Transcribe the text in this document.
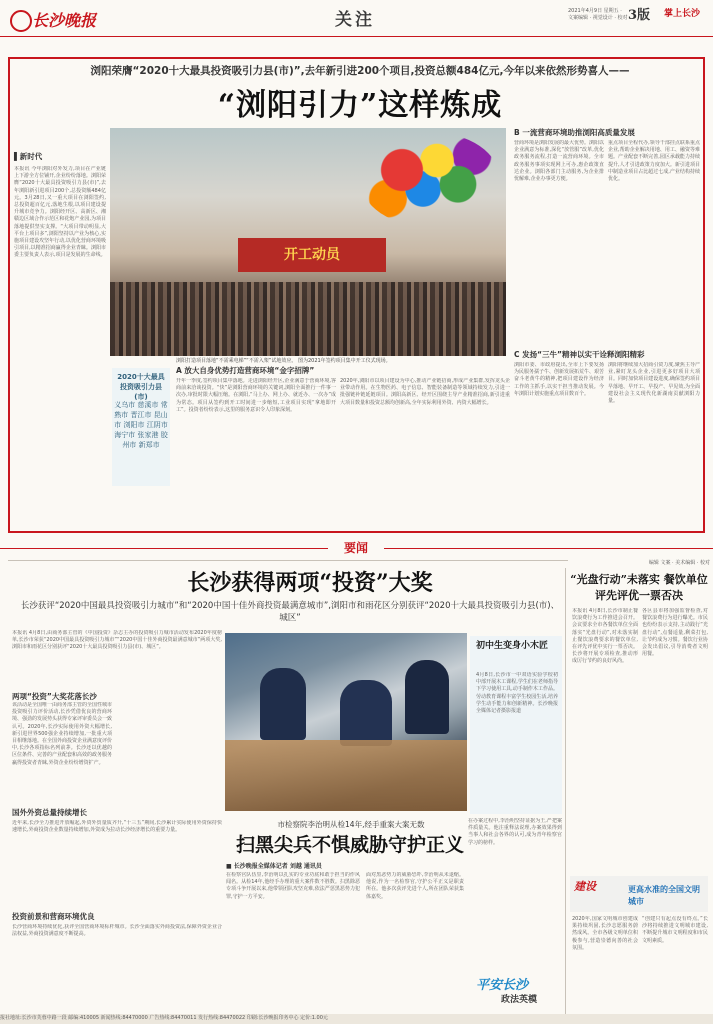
长沙晚报	关注	2021年4月9日 星期五 · 文案编辑 · 视觉设计 · 校对 3版	掌上长沙
浏阳荣膺“2020十大最具投资吸引力县(市)”,去年新引进200个项目,投资总额484亿元,今年以来依然形势喜人——
“浏阳引力”这样炼成
开工动员
浏阳打造项目落地“不需乘电梯”“不需入架”试地效应。 图为2021年签约项目集中开工仪式现场。
2020十大最具投资吸引力县(市)
义乌市 慈溪市 常熟市 晋江市 昆山市 浏阳市 江阴市 海宁市 张家港 胶州市 新郑市
▌新时代
本报讯 今年浏阳对外发力,项目在产业链上下游全方位铺开,企业纷纷落地。浏阳荣膺“2020十大最具投资吸引力县(市)”,去年浏阳新引进项目200个,总投资额484亿元。3月28日,又一重大项目在浏阳签约,总投资超百亿元,落地生根,以项目建设提升城市竞争力。浏阳经开区、高新区、湘赣边区域合作示范区和花炮产业园,为项目落地提供坚实支撑。“大项目带动明显,大平台上项目多”,浏阳坚持以产业为核心,实施项目建设攻坚年行动,以优化营商环境吸引项目,以精准招商赢得企业青睐。浏阳市委主要负责人表示,项目是发展的生命线。
A 放大自身优势打造营商环境“金字招牌”
开年一季度,签约项目集中落地。走进浏阳经开区,企业满意于营商环境,客商前来洽谈投资。“快”是浏阳营商环境的关键词,浏阳全面推行一件事一次办,审批时限大幅压缩。在浏阳,“马上办、网上办、就近办、一次办”成为常态。项目从签约到开工时间进一步缩短,工业项目实现“拿地即开工”。投资者纷纷表示,这里的服务意识令人印象深刻。
2020年,浏阳市以项目建设为中心,推动产业链招商,形成产业集群,发挥龙头企业带动作用。在生物医药、电子信息、智能装备制造等领域持续发力,引进一批强链补链延链项目。浏阳高新区、经开区围绕主导产业精准招商,新引进重大项目数量和投资总额均创新高,全年实际利用外资、内资大幅增长。
B 一流营商环境助推浏阳高质量发展
营商环境是浏阳发展的最大优势。浏阳以企业满意为标准,深化“放管服”改革,优化政务服务流程,打造一流营商环境。全市政务服务事项实现网上可办,惠企政策直达企业。浏阳各部门主动服务,为企业排忧解难,企业办事更方便。
重点项目全程代办,领导干部挂点联系重点企业,帮助企业解决用地、用工、融资等难题。产业配套不断完善,园区承载能力持续提升,人才引进政策力度加大。新引进项目中制造业项目占比超过七成,产业结构持续优化。
C 发扬“三牛”精神以实干诠释浏阳精彩
浏阳市委、市政府提出,全市上下要发扬为民服务孺子牛、创新发展拓荒牛、艰苦奋斗老黄牛的精神,把项目建设作为经济工作的主抓手,以实干担当推动发展。今年浏阳计划实施重点项目数百个。
浏阳将继续加大招商引资力度,聚焦主导产业,紧盯龙头企业,引进更多好项目大项目。同时加快项目建设进度,确保签约项目早落地、早开工、早投产、早见效,为全面建设社会主义现代化新湖南贡献浏阳力量。
要闻
编辑 文案 · 美术编辑 · 校对
长沙获得两项“投资”大奖
长沙获评“2020中国最具投资吸引力城市”和“2020中国十佳外商投资最满意城市”,浏阳市和雨花区分别获评“2020十大最具投资吸引力县(市)、城区”
本报讯 4月8日,由商务部主管的《中国投资》杂志主办的投资吸引力城市活动发布2020年度榜单,长沙市荣获“2020中国最具投资吸引力城市”“2020中国十佳外商投资最满意城市”两项大奖,浏阳市和雨花区分别获评“2020十大最具投资吸引力县(市)、城区”。	初中生变身小木匠
4月8日,长沙市一中双语实验学校初中部开展木工课程,学生们在老师指导下学习使用工具,动手制作木工作品。劳动教育课程丰富学生校园生活,培养学生动手能力和创新精神。长沙晚报全媒体记者摄影报道
两项“投资”大奖花落长沙
该活动是全国唯一由商务部主管的全国性城市投资吸引力评价活动,长沙凭借优良的营商环境、强劲的发展势头获得专家评审委员会一致认可。2020年,长沙实际使用外资大幅增长,新引进世界500强企业持续增加,一批重大项目相继落地。在全国外商投资企业满意度评价中,长沙各项指标名列前茅。长沙还以优越的区位条件、完善的产业配套和高效的政务服务赢得投资者青睐,外资企业纷纷增资扩产。
国外外资总量持续增长
近年来,长沙全力推进开放崛起,外资外贸量质齐升,“十三五”期间,长沙累计实际使用外资保持快速增长,外商投资企业数量持续增加,外资成为拉动长沙经济增长的重要力量。
投资前景和营商环境优良
长沙营商环境持续优化,获评全国营商环境标杆城市。长沙全面落实外商投资法,保障外资企业合法权益,外商投资满意度不断提高。
市检察院李治明从检14年,经手重案大案无数
扫黑尖兵不惧威胁守护正义
■ 长沙晚报全媒体记者 刘越 通讯员
在检察官队伍里,李治明以扎实的专业功底和敢于担当的作风闻名。从检14年,他经手办理的重大案件数不胜数。扫黑除恶专项斗争开展以来,他带领团队攻坚克难,依法严惩黑恶势力犯罪,守护一方平安。
面对黑恶势力的威胁恐吓,李治明从未退缩。他说,作为一名检察官,守护公平正义是职责所在。他多次获评先进个人,所在团队荣获集体嘉奖。
在办案过程中,李治明坚持证据为王,严把案件质量关。他注重释法说理,办案效果得到当事人和社会各界的认可,成为青年检察官学习的榜样。
平安长沙
政法英模
“光盘行动”未落实 餐饮单位评先评优一票否决
本报讯 4月8日,长沙市制止餐饮浪费行为工作推进会召开。会议要求全市各餐饮单位全面落实“光盘行动”,对未落实制止餐饮浪费要求的餐饮单位,在评先评优中实行一票否决。长沙将开展专项检查,推动形成厉行节约的良好风尚。
各区县市将加强监督检查,对餐饮浪费行为进行曝光。市民也纷纷表示支持,主动践行“光盘行动”,点餐适量,剩菜打包,让节约成为习惯。餐饮行业协会发出倡议,引导消费者文明用餐。
建设	更高水准的全国文明城市
2020年,国家文明城市创建成果持续巩固,长沙志愿服务蔚然成风。全市各级文明单位积极参与,营造崇德向善的社会氛围。
“创建只有起点没有终点。”长沙将持续推进文明城市建设,不断提升城市文明程度和市民文明素质。
报社地址:长沙市芙蓉中路一段 邮编:410005 新闻热线:84470000 广告热线:84470011 发行热线:84470022 印刷:长沙晚报印务中心 定价:1.00元
